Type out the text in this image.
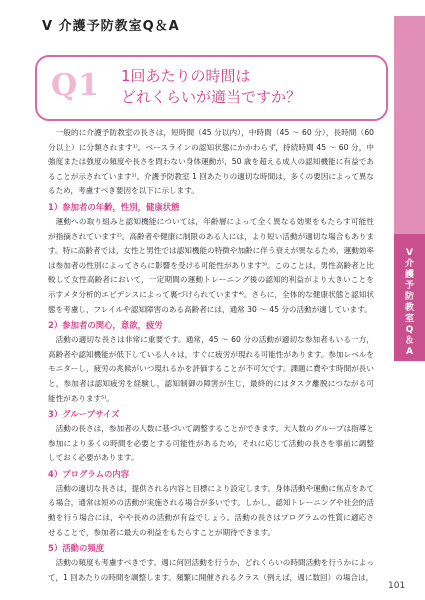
Ⅴ 介護予防教室Q＆A
Q1 1回あたりの時間は
どれくらいが適当ですか？

一般的に介護予防教室の長さは，短時間（45 分以内），中時間（45 ～ 60 分），長時間（60 分以上）に分類されます¹⁾。ベースラインの認知状態にかかわらず，持続時間 45 ～ 60 分，中強度または強度の頻度や長さを問わない身体運動が，50 歳を超える成人の認知機能に有益であることが示されています¹⁾。介護予防教室 1 回あたりの適切な時間は，多くの要因によって異なるため，考慮すべき要因を以下に示します。

1）参加者の年齢，性別，健康状態

運動への取り組みと認知機能については，年齢層によって全く異なる効果をもたらす可能性が指摘されています²⁾。高齢者や健康に制限のある人には，より短い活動が適切な場合もあります。特に高齢者では，女性と男性では認知機能の特徴や加齢に伴う衰えが異なるため，運動効率は参加者の性別によってさらに影響を受ける可能性があります³⁾。このことは，男性高齢者と比較して女性高齢者において，一定期間の運動トレーニング後の認知的利益がより大きいことを示すメタ分析的エビデンスによって裏づけられています⁴⁾。さらに，全体的な健康状態と認知状態を考慮し，フレイルや認知障害のある高齢者には，通常 30 ～ 45 分の活動が適しています。

2）参加者の関心，意欲，疲労

活動の適切な長さは非常に重要です。通常，45 ～ 60 分の活動が適切な参加者もいる一方，高齢者や認知機能が低下している人々は，すぐに疲労が現れる可能性があります。参加レベルをモニターし，疲労の兆候がいつ現れるかを評価することが不可欠です。課題に費やす時間が長いと，参加者は認知疲労を経験し，認知制御の障害が生じ，最終的にはタスク離脱につながる可能性があります⁵⁾。

3）グループサイズ

活動の長さは，参加者の人数に基づいて調整することができます。大人数のグループは指導と参加により多くの時間を必要とする可能性があるため，それに応じて活動の長さを事前に調整しておく必要があります。

4）プログラムの内容

活動の適切な長さは，提供される内容と目標により設定します。身体活動や運動に焦点をあてる場合，通常は短めの活動が実施される場合が多いです。しかし，認知トレーニングや社会的活動を行う場合には，やや長めの活動が有益でしょう。活動の長さはプログラムの性質に適応させることで，参加者に最大の利益をもたらすことが期待できます。

5）活動の頻度

活動の頻度も考慮すべきです。週に何回活動を行うか，どれくらいの時間活動を行うかによって，1 回あたりの時間を調整します。頻繁に開催されるクラス（例えば，週に数回）の場合は，

Ⅴ
介
護
予
防
教
室
Q
＆
A
101
